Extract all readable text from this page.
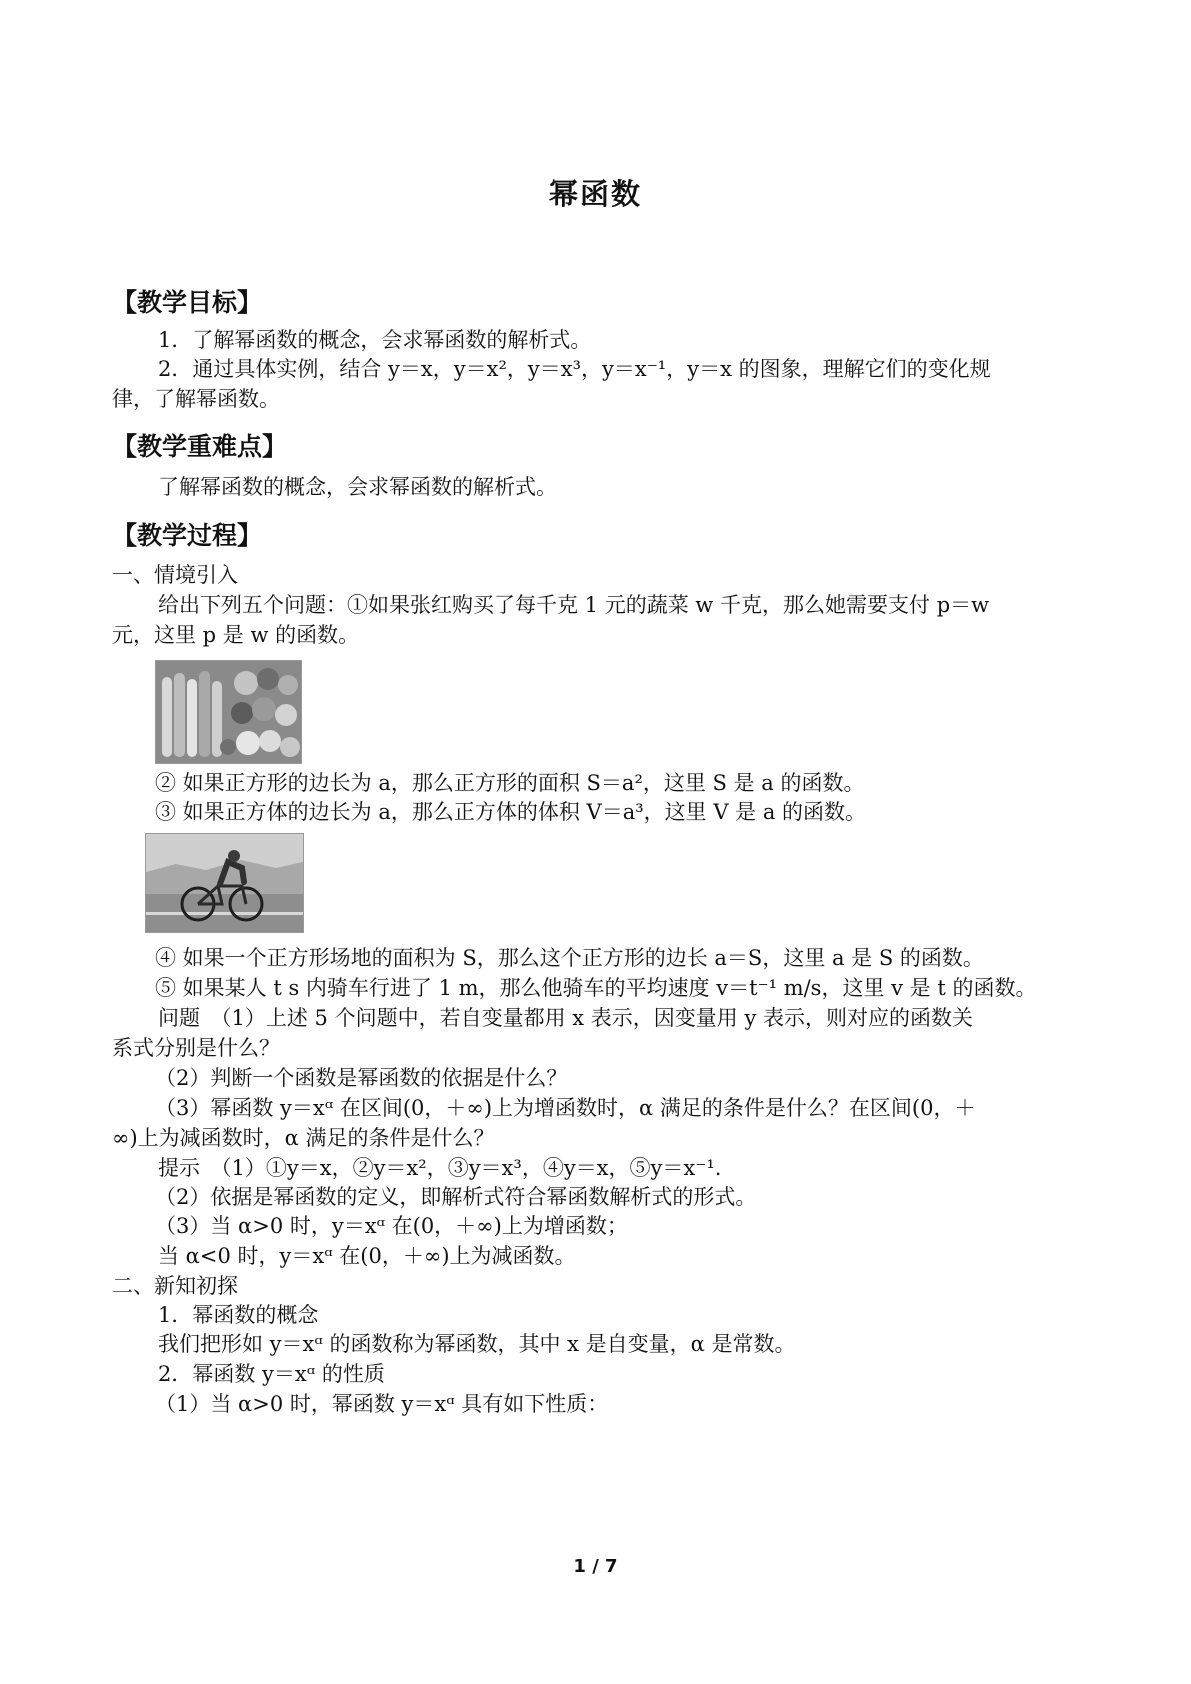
幂函数
【教学目标】
1．了解幂函数的概念，会求幂函数的解析式。
2．通过具体实例，结合 y＝x，y＝x²，y＝x³，y＝x⁻¹，y＝x 的图象，理解它们的变化规
律，了解幂函数。
【教学重难点】
了解幂函数的概念，会求幂函数的解析式。
【教学过程】
一、情境引入
给出下列五个问题：①如果张红购买了每千克 1 元的蔬菜 w 千克，那么她需要支付 p＝w
元，这里 p 是 w 的函数。
② 如果正方形的边长为 a，那么正方形的面积 S＝a²，这里 S 是 a 的函数。
③ 如果正方体的边长为 a，那么正方体的体积 V＝a³，这里 V 是 a 的函数。
④ 如果一个正方形场地的面积为 S，那么这个正方形的边长 a＝S，这里 a 是 S 的函数。
⑤ 如果某人 t s 内骑车行进了 1 m，那么他骑车的平均速度 v＝t⁻¹ m/s，这里 v 是 t 的函数。
问题　（1）上述 5 个问题中，若自变量都用 x 表示，因变量用 y 表示，则对应的函数关
系式分别是什么？
（2）判断一个函数是幂函数的依据是什么？
（3）幂函数 y＝xᵅ 在区间(0，＋∞)上为增函数时，α 满足的条件是什么？在区间(0，＋
∞)上为减函数时，α 满足的条件是什么？
提示　（1）①y＝x，②y＝x²，③y＝x³，④y＝x，⑤y＝x⁻¹.
（2）依据是幂函数的定义，即解析式符合幂函数解析式的形式。
（3）当 α>0 时，y＝xᵅ 在(0，＋∞)上为增函数；
当 α<0 时，y＝xᵅ 在(0，＋∞)上为减函数。
二、新知初探
1．幂函数的概念
我们把形如 y＝xᵅ 的函数称为幂函数，其中 x 是自变量，α 是常数。
2．幂函数 y＝xᵅ 的性质
（1）当 α>0 时，幂函数 y＝xᵅ 具有如下性质：
1 / 7
